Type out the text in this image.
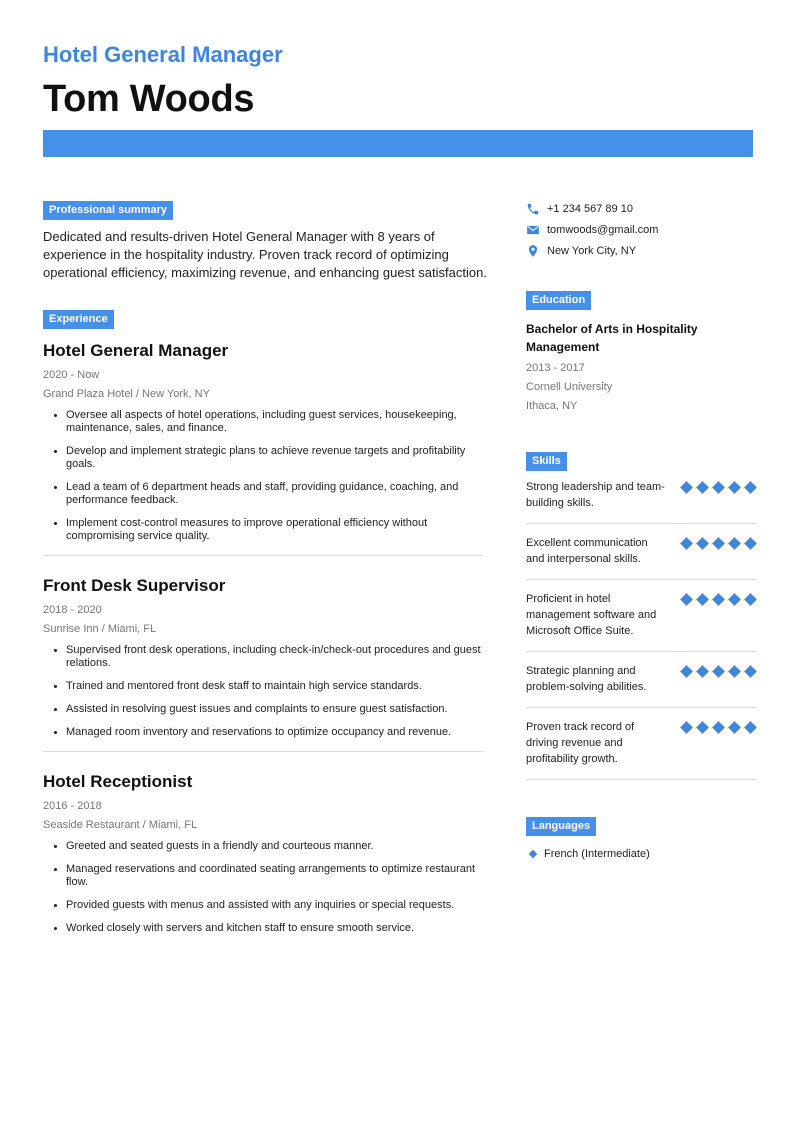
Hotel General Manager
Tom Woods
Professional summary
Dedicated and results-driven Hotel General Manager with 8 years of experience in the hospitality industry. Proven track record of optimizing operational efficiency, maximizing revenue, and enhancing guest satisfaction.
Experience
Hotel General Manager
2020 - Now
Grand Plaza Hotel / New York, NY
• Oversee all aspects of hotel operations, including guest services, housekeeping, maintenance, sales, and finance.
• Develop and implement strategic plans to achieve revenue targets and profitability goals.
• Lead a team of 6 department heads and staff, providing guidance, coaching, and performance feedback.
• Implement cost-control measures to improve operational efficiency without compromising service quality.
Front Desk Supervisor
2018 - 2020
Sunrise Inn / Miami, FL
• Supervised front desk operations, including check-in/check-out procedures and guest relations.
• Trained and mentored front desk staff to maintain high service standards.
• Assisted in resolving guest issues and complaints to ensure guest satisfaction.
• Managed room inventory and reservations to optimize occupancy and revenue.
Hotel Receptionist
2016 - 2018
Seaside Restaurant / Miami, FL
• Greeted and seated guests in a friendly and courteous manner.
• Managed reservations and coordinated seating arrangements to optimize restaurant flow.
• Provided guests with menus and assisted with any inquiries or special requests.
• Worked closely with servers and kitchen staff to ensure smooth service.
+1 234 567 89 10
tomwoods@gmail.com
New York City, NY
Education
Bachelor of Arts in Hospitality Management
2013 - 2017
Cornell University
Ithaca, NY
Skills
Strong leadership and team-building skills.
Excellent communication and interpersonal skills.
Proficient in hotel management software and Microsoft Office Suite.
Strategic planning and problem-solving abilities.
Proven track record of driving revenue and profitability growth.
Languages
French (Intermediate)
